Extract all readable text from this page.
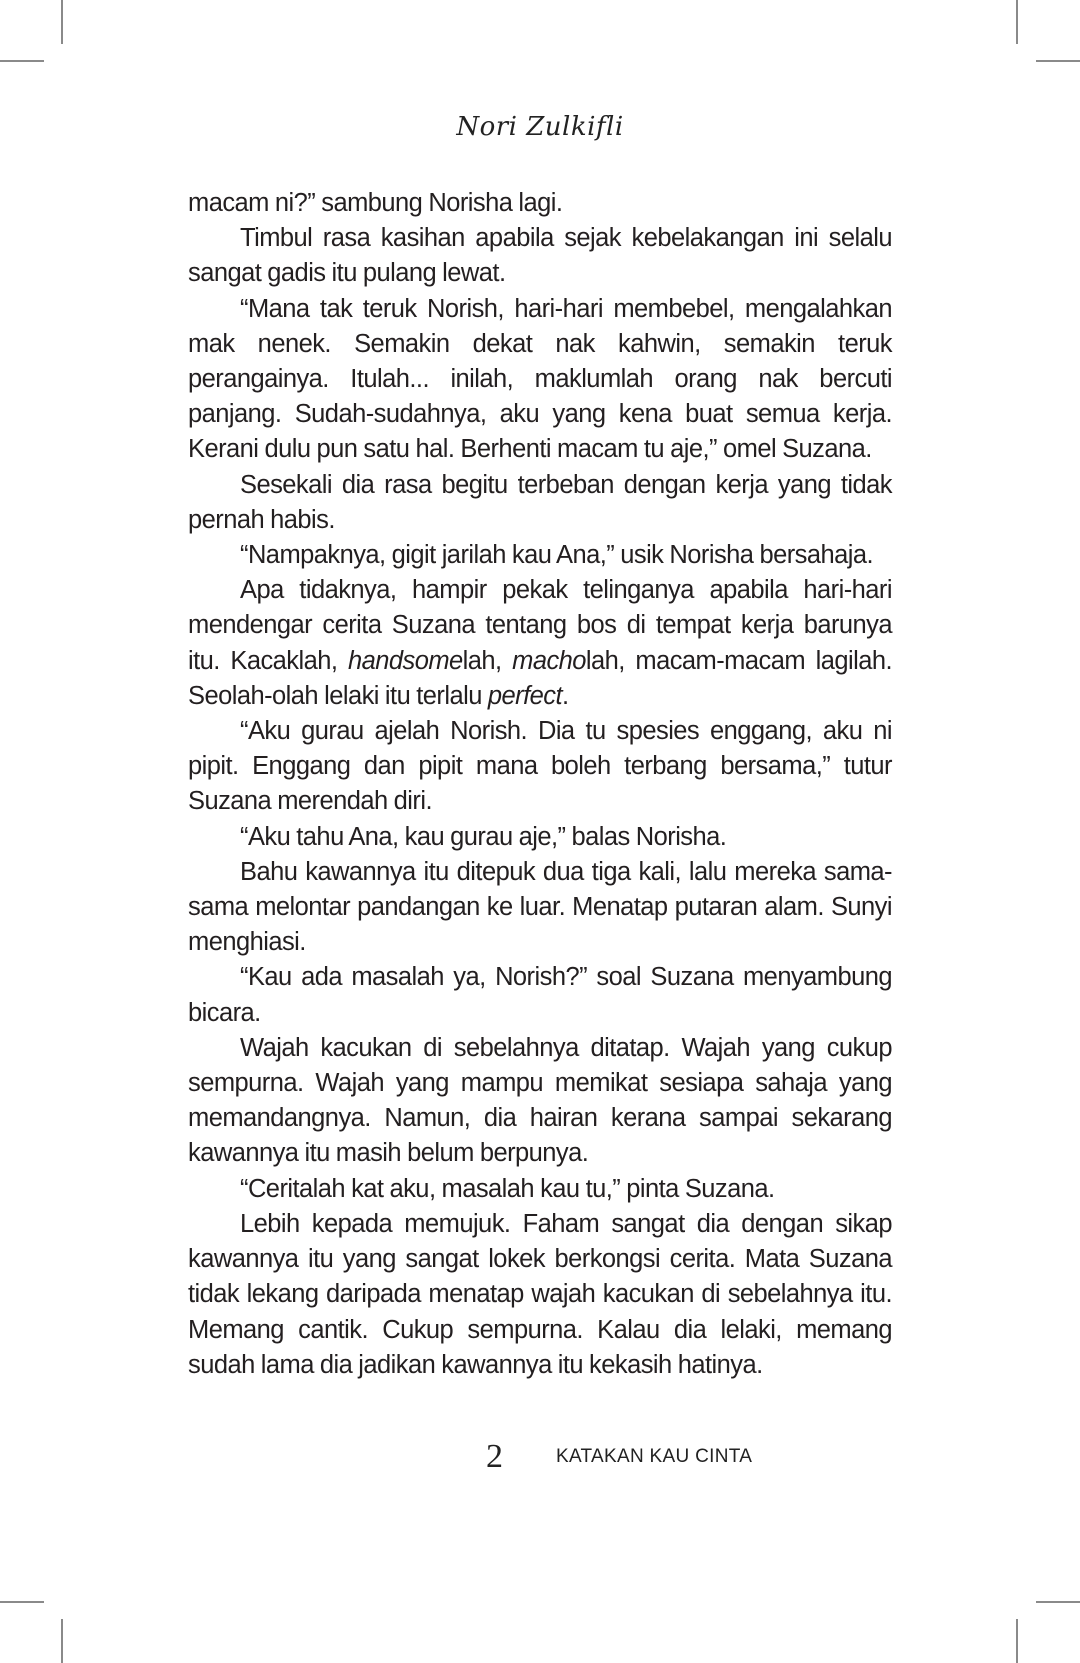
Nori Zulkifli

macam ni?” sambung Norisha lagi.

Timbul rasa kasihan apabila sejak kebelakangan ini selalu sangat gadis itu pulang lewat.

“Mana tak teruk Norish, hari-hari membebel, mengalahkan mak nenek. Semakin dekat nak kahwin, semakin teruk perangainya. Itulah... inilah, maklumlah orang nak bercuti panjang. Sudah-sudahnya, aku yang kena buat semua kerja. Kerani dulu pun satu hal. Berhenti macam tu aje,” omel Suzana.

Sesekali dia rasa begitu terbeban dengan kerja yang tidak pernah habis.

“Nampaknya, gigit jarilah kau Ana,” usik Norisha bersahaja.

Apa tidaknya, hampir pekak telinganya apabila hari-hari mendengar cerita Suzana tentang bos di tempat kerja barunya itu. Kacaklah, handsomelah, macholah, macam-macam lagilah. Seolah-olah lelaki itu terlalu perfect.

“Aku gurau ajelah Norish. Dia tu spesies enggang, aku ni pipit. Enggang dan pipit mana boleh terbang bersama,” tutur Suzana merendah diri.

“Aku tahu Ana, kau gurau aje,” balas Norisha.

Bahu kawannya itu ditepuk dua tiga kali, lalu mereka sama-sama melontar pandangan ke luar. Menatap putaran alam. Sunyi menghiasi.

“Kau ada masalah ya, Norish?” soal Suzana menyambung bicara.

Wajah kacukan di sebelahnya ditatap. Wajah yang cukup sempurna. Wajah yang mampu memikat sesiapa sahaja yang memandangnya. Namun, dia hairan kerana sampai sekarang kawannya itu masih belum berpunya.

“Ceritalah kat aku, masalah kau tu,” pinta Suzana.

Lebih kepada memujuk. Faham sangat dia dengan sikap kawannya itu yang sangat lokek berkongsi cerita. Mata Suzana tidak lekang daripada menatap wajah kacukan di sebelahnya itu. Memang cantik. Cukup sempurna. Kalau dia lelaki, memang sudah lama dia jadikan kawannya itu kekasih hatinya.

2	KATAKAN KAU CINTA
